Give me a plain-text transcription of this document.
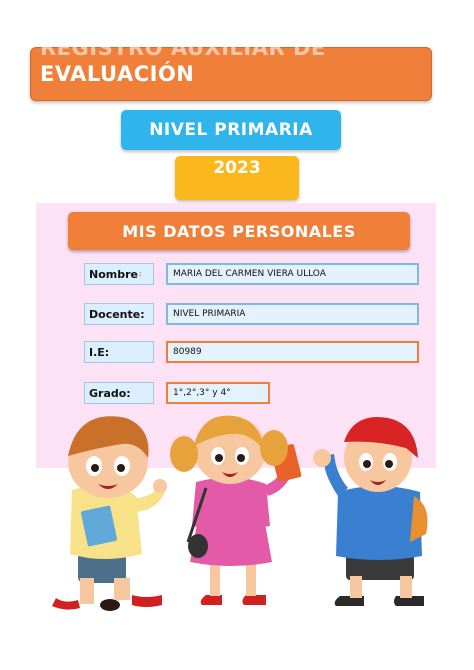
REGISTRO AUXILIAR DE
EVALUACIÓN
NIVEL PRIMARIA
2023
MIS DATOS PERSONALES
Nombre :	MARIA DEL CARMEN VIERA ULLOA
Docente:	NIVEL PRIMARIA
I.E:	80989
Grado:	1°,2°,3° y 4°
